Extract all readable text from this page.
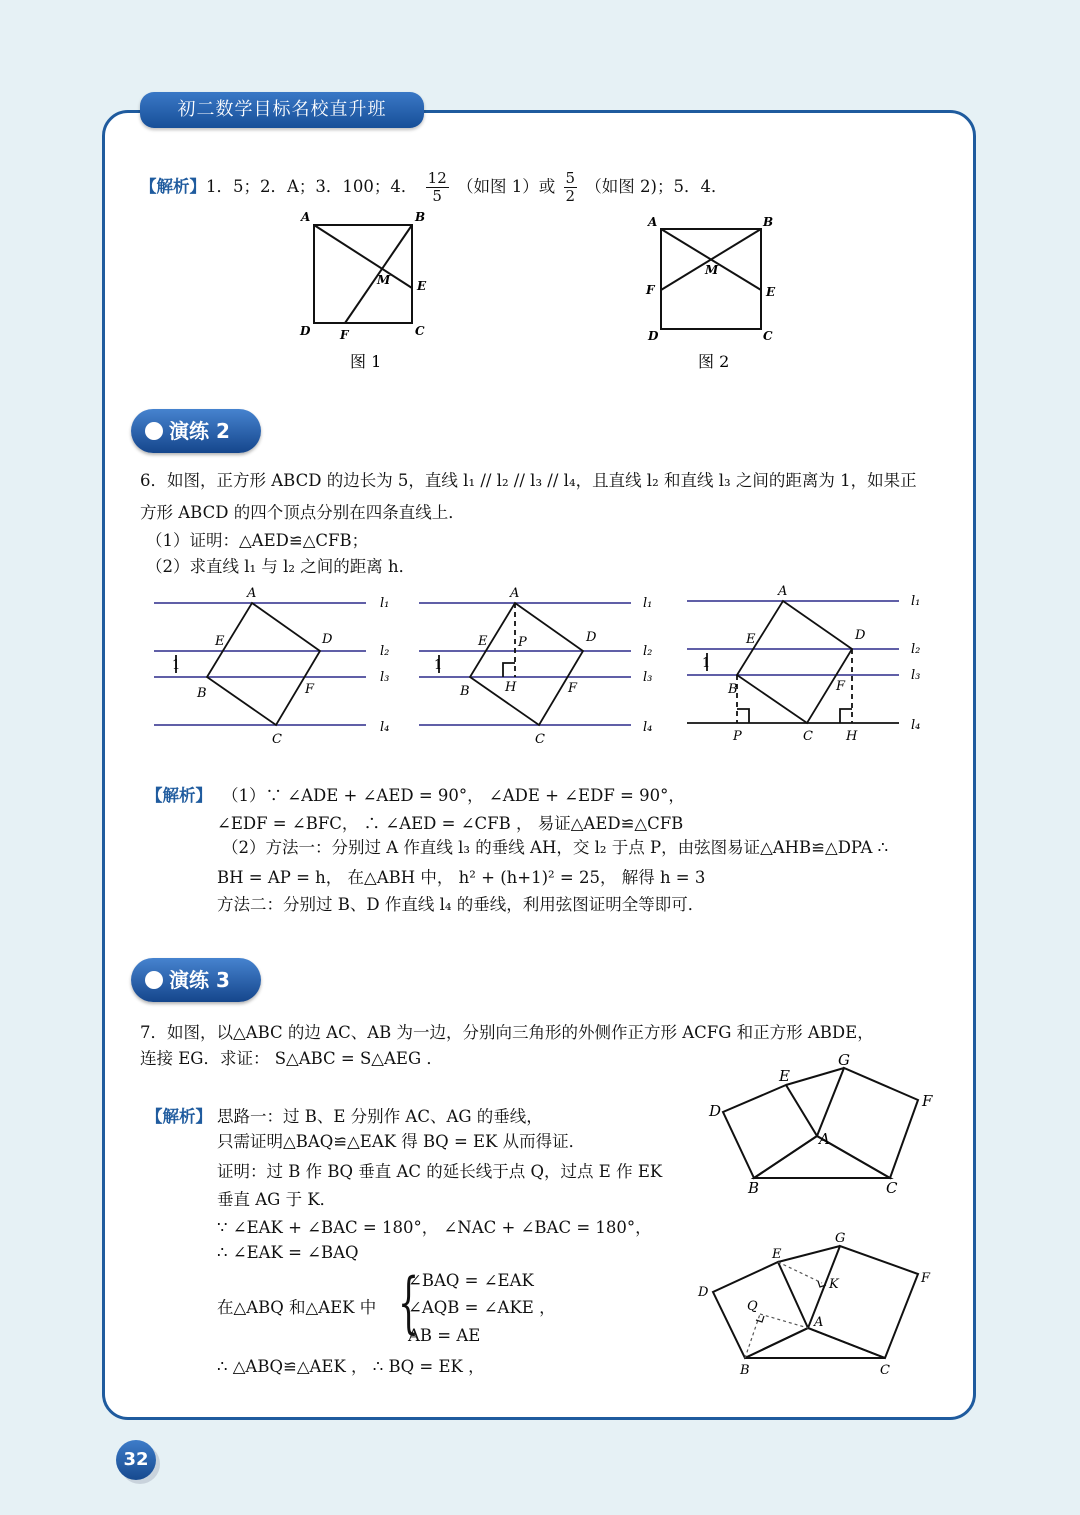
初二数学目标名校直升班
【解析】1．5；2．A；3．100；4． $\frac{12}{5}$ （如图 1）或 $\frac{5}{2}$ （如图 2)；5．4．
A	B
C
D
E
F
M
图 1
A	B
C
D
E
F
M
图 2
演练 2
6．如图，正方形 ABCD 的边长为 5，直线 l₁ // l₂ // l₃ // l₄，且直线 l₂ 和直线 l₃ 之间的距离为 1，如果正
方形 ABCD 的四个顶点分别在四条直线上．
（1）证明：△AED≌△CFB；
（2）求直线 l₁ 与 l₂ 之间的距离 h．
A
E	D
B	F
C
1
l₁
l₂
l₃
l₄
A
E P	D
B	H	F
C
1
l₁
l₂
l₃
l₄
A
E	D
B	F
P	C	H
1
l₁
l₂
l₃
l₄
【解析】 （1）∵ ∠ADE + ∠AED = 90°， ∠ADE + ∠EDF = 90°，
∠EDF = ∠BFC， ∴ ∠AED = ∠CFB ， 易证△AED≌△CFB
（2）方法一：分别过 A 作直线 l₃ 的垂线 AH，交 l₂ 于点 P，由弦图易证△AHB≌△DPA ∴
BH = AP = h， 在△ABH 中， h² + (h+1)² = 25， 解得 h = 3
方法二：分别过 B、D 作直线 l₄ 的垂线，利用弦图证明全等即可．
演练 3
7．如图，以△ABC 的边 AC、AB 为一边，分别向三角形的外侧作正方形 ACFG 和正方形 ABDE，
连接 EG．求证： S△ABC = S△AEG ．
【解析】 思路一：过 B、E 分别作 AC、AG 的垂线，
只需证明△BAQ≌△EAK 得 BQ = EK 从而得证．
证明：过 B 作 BQ 垂直 AC 的延长线于点 Q，过点 E 作 EK
垂直 AG 于 K．
∵ ∠EAK + ∠BAC = 180°， ∠NAC + ∠BAC = 180°，
∴ ∠EAK = ∠BAQ
在△ABQ 和△AEK 中 {
∠BAQ = ∠EAK
∠AQB = ∠AKE ，
AB = AE
∴ △ABQ≌△AEK ， ∴ BQ = EK ，
E
G
D
F
A
B	C
E
G
D
K	F
Q
A
B	C
32
